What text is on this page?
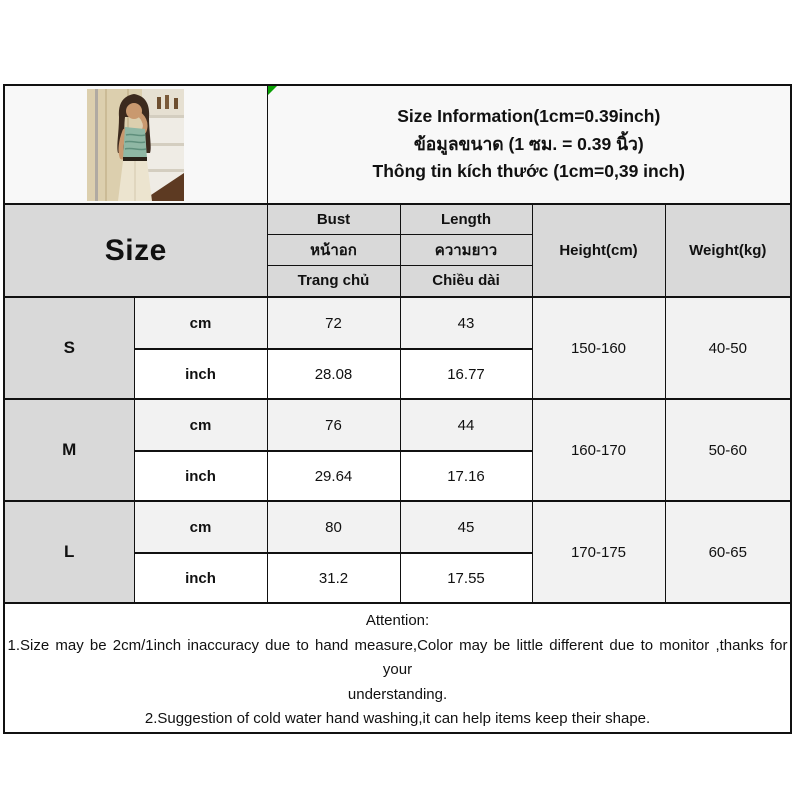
Size Information(1cm=0.39inch)
ข้อมูลขนาด (1 ซม. = 0.39 นิ้ว)
Thông tin kích thước (1cm=0,39 inch)			

Size		Bust	Length	Height(cm)	Weight(kg)
		หน้าอก	ความยาว		
		Trang chủ	Chiều dài		
S	cm	72	43	150-160	40-50
	inch	28.08	16.77		
M	cm	76	44	160-170	50-60
	inch	29.64	17.16		
L	cm	80	45	170-175	60-65
	inch	31.2	17.55		

Attention:
1.Size may be 2cm/1inch inaccuracy due to hand measure,Color may be little different due to monitor ,thanks for your
understanding.
2.Suggestion of cold water hand washing,it can help items keep their shape.					
